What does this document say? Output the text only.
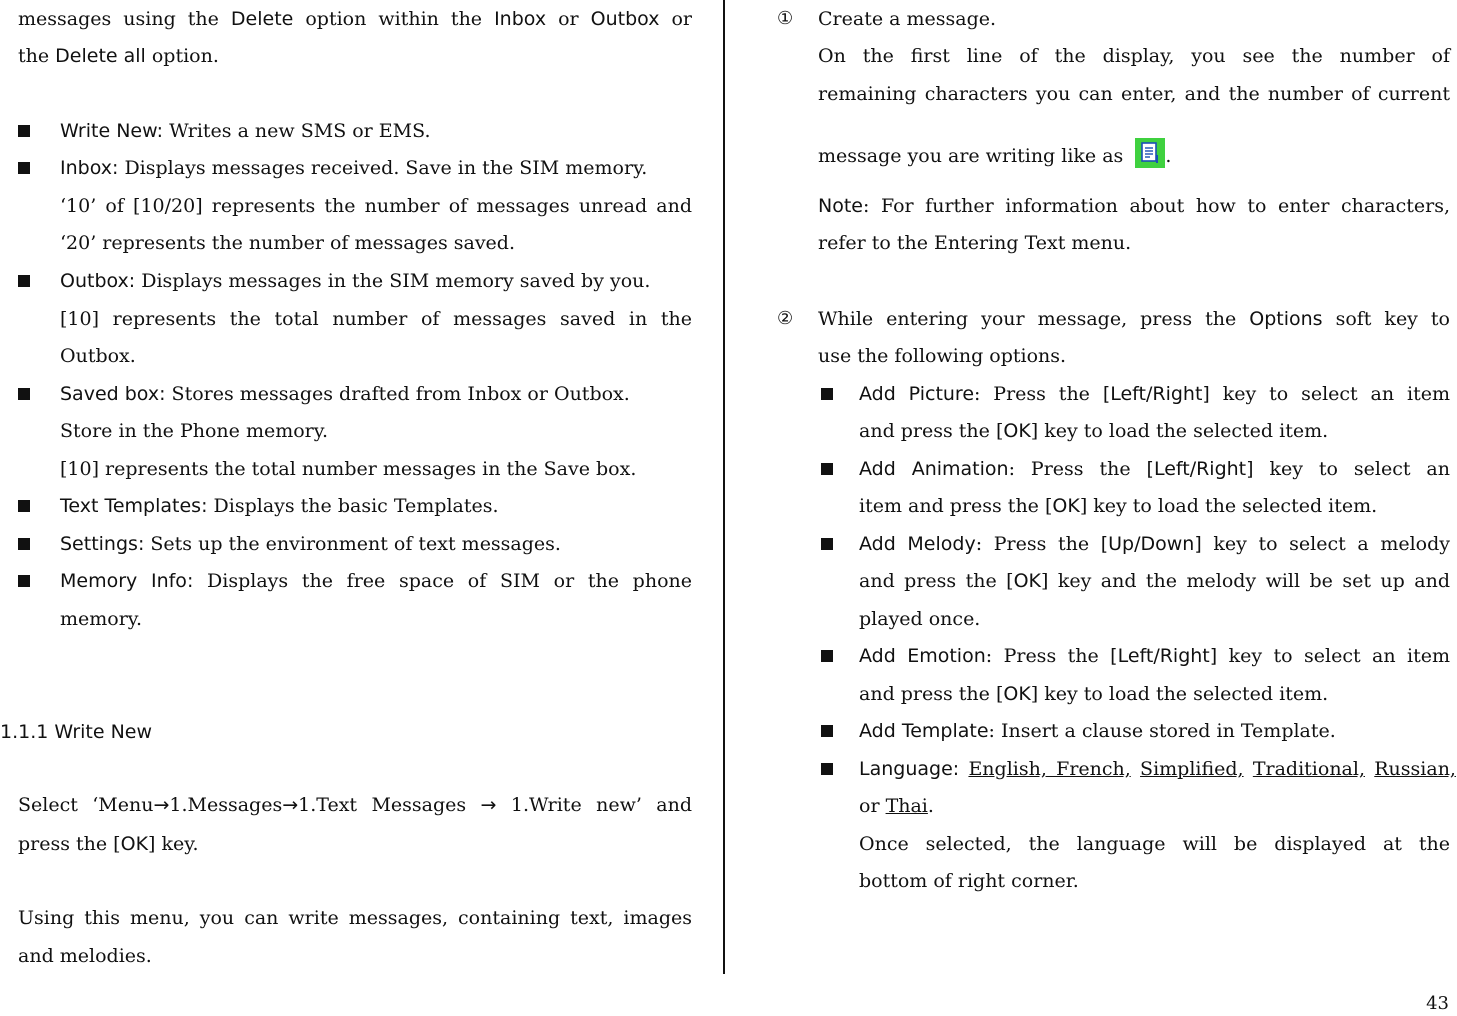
messages using the Delete option within the Inbox or Outbox or
the Delete all option.
Write New: Writes a new SMS or EMS.
Inbox: Displays messages received. Save in the SIM memory.
‘10’ of [10/20] represents the number of messages unread and
‘20’ represents the number of messages saved.
Outbox: Displays messages in the SIM memory saved by you.
[10] represents the total number of messages saved in the
Outbox.
Saved box: Stores messages drafted from Inbox or Outbox.
Store in the Phone memory.
[10] represents the total number messages in the Save box.
Text Templates: Displays the basic Templates.
Settings: Sets up the environment of text messages.
Memory Info: Displays the free space of SIM or the phone
memory.
1.1.1 Write New
Select ‘Menu→1.Messages→1.Text Messages → 1.Write new’ and
press the [OK] key.
Using this menu, you can write messages, containing text, images
and melodies.
① Create a message.
On the first line of the display, you see the number of
remaining characters you can enter, and the number of current
message you are writing like as
.
Note: For further information about how to enter characters,
refer to the Entering Text menu.
② While entering your message, press the Options soft key to
use the following options.
Add Picture: Press the [Left/Right] key to select an item
and press the [OK] key to load the selected item.
Add Animation: Press the [Left/Right] key to select an
item and press the [OK] key to load the selected item.
Add Melody: Press the [Up/Down] key to select a melody
and press the [OK] key and the melody will be set up and
played once.
Add Emotion: Press the [Left/Right] key to select an item
and press the [OK] key to load the selected item.
Add Template: Insert a clause stored in Template.
Language: English, French, Simplified, Traditional, Russian,
or Thai.
Once selected, the language will be displayed at the
bottom of right corner.
43
